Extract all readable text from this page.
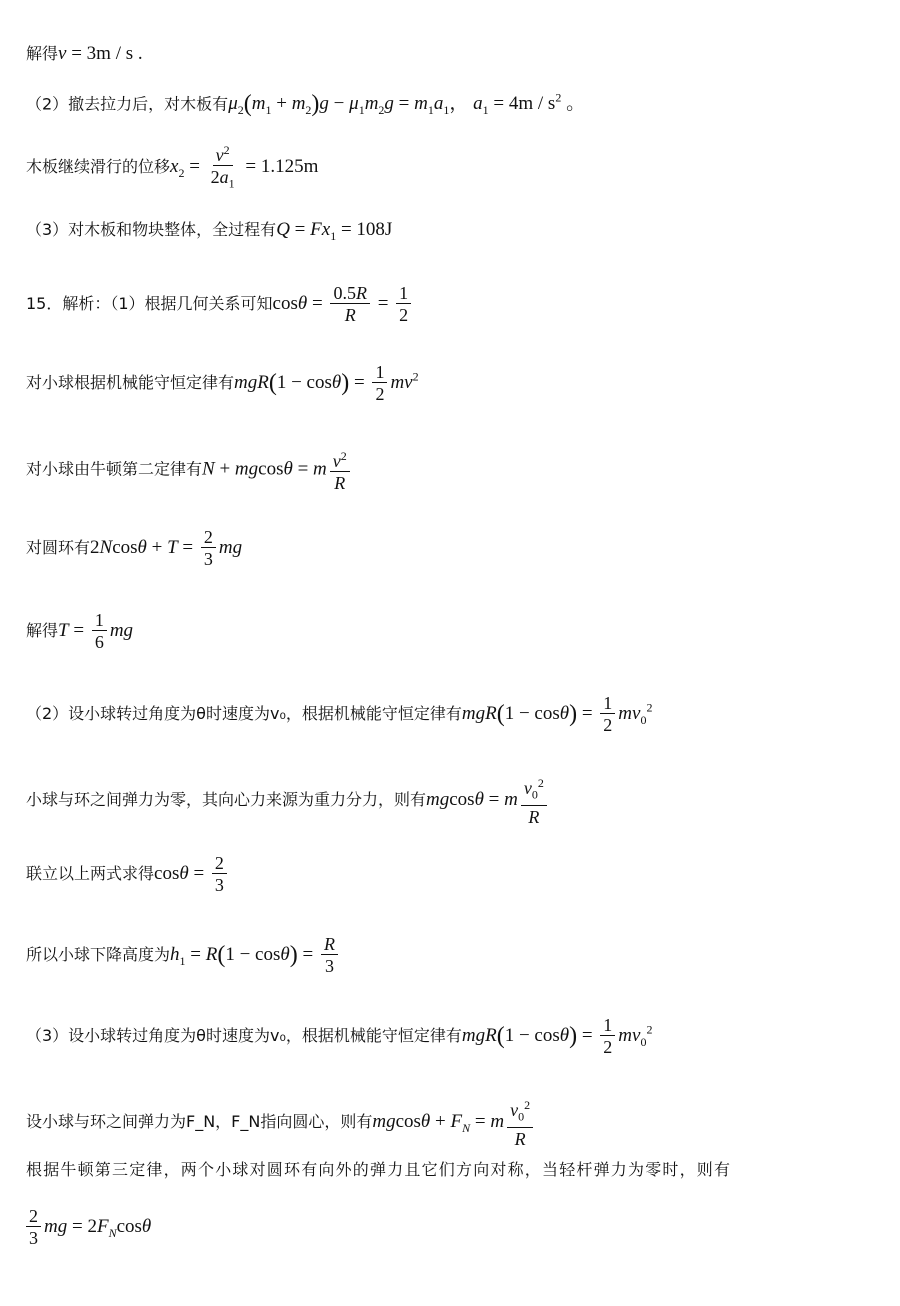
解得v = 3m / s .
（2）撤去拉力后，对木板有$\mu_2(m_1 + m_2)g - \mu_1m_2g = m_1a_1$， $a_1 = 4m / s^2$ 。
木板继续滑行的位移$x_2 = \frac{v^2}{2a_1} = 1.125m$
（3）对木板和物块整体，全过程有$Q = Fx_1 = 108J$
15．解析：（1）根据几何关系可知$\cos\theta = \frac{0.5R}{R} = \frac{1}{2}$
对小球根据机械能守恒定律有$mgR(1 - \cos\theta) = \frac{1}{2} mv^2$
对小球由牛顿第二定律有N + mgcosθ = m $\frac{v^2}{R}$
对圆环有$2Ncos\theta + T = \frac{2}{3}$ mg
解得$T = \frac{1}{6}$ mg
（2）设小球转过角度为θ时速度为v₀，根据机械能守恒定律有$mgR(1 - \cos\theta) = \frac{1}{2} mv_0^2$
小球与环之间弹力为零，其向心力来源为重力分力，则有mgcosθ = m $\frac{v_0^2}{R}$
联立以上两式求得$\cos\theta = \frac{2}{3}$
所以小球下降高度为$h_1 = R(1 - \cos\theta) = \frac{R}{3}$
（3）设小球转过角度为θ时速度为v₀，根据机械能守恒定律有$mgR(1 - \cos\theta) = \frac{1}{2} mv_0^2$
设小球与环之间弹力为F_N，F_N指向圆心，则有$mgcos\theta + F_N = m \frac{v_0^2}{R}$
根据牛顿第三定律，两个小球对圆环有向外的弹力且它们方向对称，当轻杆弹力为零时，则有
$\frac{2}{3}$ mg = $2F_N\cos\theta$
